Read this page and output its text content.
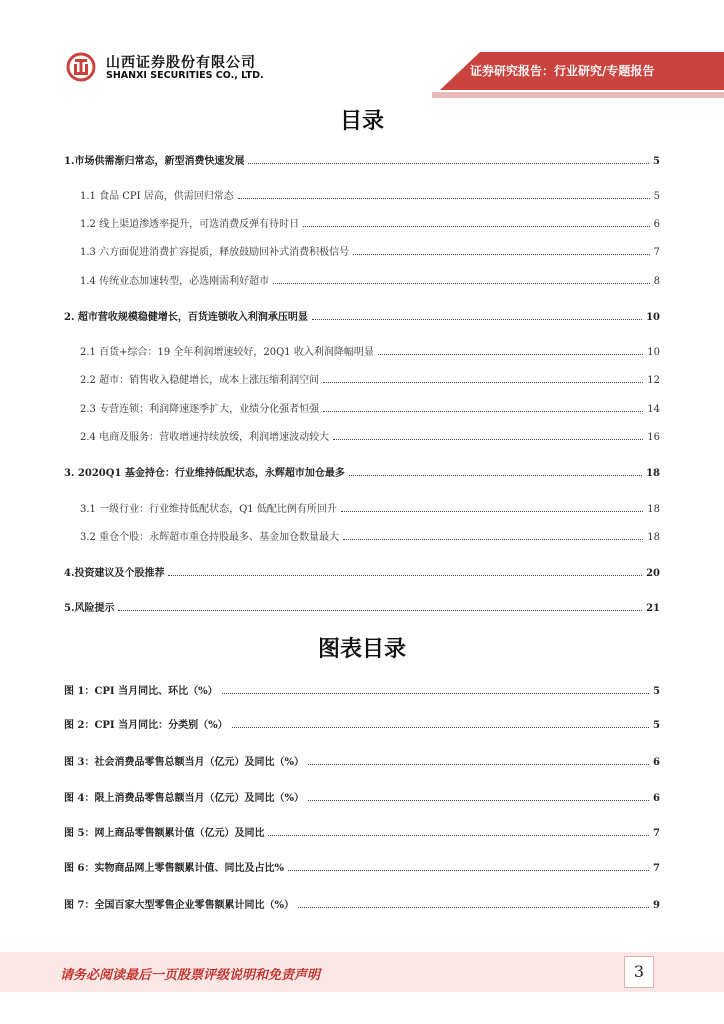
山西证券股份有限公司
SHANXI SECURITIES CO., LTD.	证券研究报告：行业研究/专题报告
目录
1.市场供需渐归常态，新型消费快速发展	5
1.1 食品 CPI 居高，供需回归常态	5
1.2 线上渠道渗透率提升，可选消费反弹有待时日	6
1.3 六方面促进消费扩容提质，释放鼓励回补式消费积极信号	7
1.4 传统业态加速转型，必选刚需利好超市	8
2. 超市营收规模稳健增长，百货连锁收入利润承压明显	10
2.1 百货+综合：19 全年利润增速较好，20Q1 收入利润降幅明显	10
2.2 超市：销售收入稳健增长，成本上涨压缩利润空间	12
2.3 专营连锁：利润降速逐季扩大，业绩分化强者恒强	14
2.4 电商及服务：营收增速持续放缓，利润增速波动较大	16
3. 2020Q1 基金持仓：行业维持低配状态，永辉超市加仓最多	18
3.1 一级行业：行业维持低配状态，Q1 低配比例有所回升	18
3.2 重仓个股：永辉超市重仓持股最多、基金加仓数量最大	18
4.投资建议及个股推荐	20
5.风险提示	21
图表目录
图 1：CPI 当月同比、环比（%）	5
图 2：CPI 当月同比：分类别（%）	5
图 3：社会消费品零售总额当月（亿元）及同比（%）	6
图 4：限上消费品零售总额当月（亿元）及同比（%）	6
图 5：网上商品零售额累计值（亿元）及同比	7
图 6：实物商品网上零售额累计值、同比及占比%	7
图 7：全国百家大型零售企业零售额累计同比（%）	9
请务必阅读最后一页股票评级说明和免责声明	3
